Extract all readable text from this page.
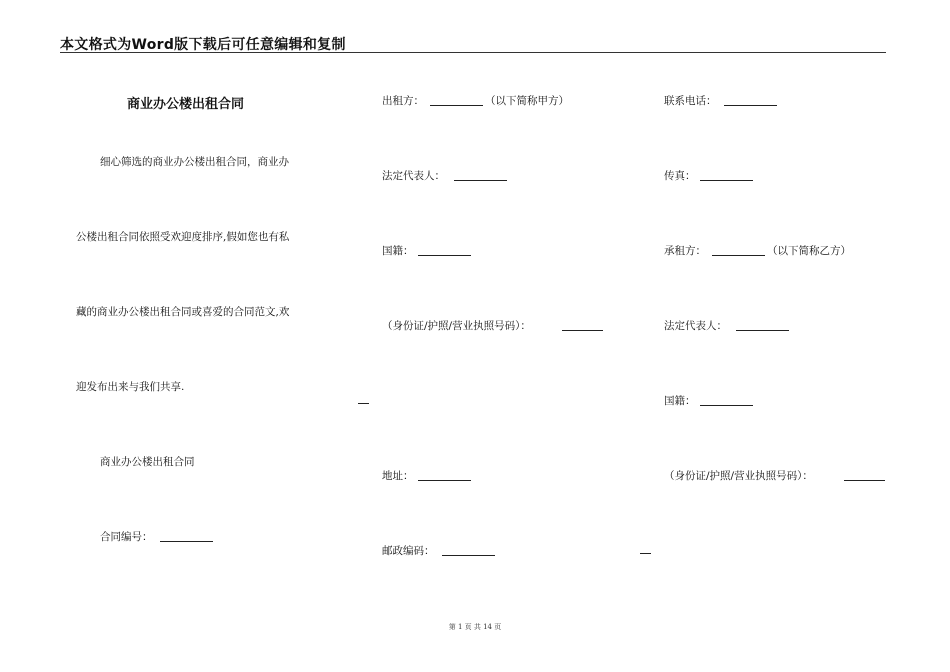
本文格式为Word版下载后可任意编辑和复制
商业办公楼出租合同
细心筛选的商业办公楼出租合同，商业办
公楼出租合同依照受欢迎度排序,假如您也有私
藏的商业办公楼出租合同或喜爱的合同范文,欢
迎发布出来与我们共享.
商业办公楼出租合同
合同编号：
出租方：	（以下简称甲方）
法定代表人：
国籍：
（身份证/护照/营业执照号码）：
地址：
邮政编码：
联系电话：
传真：
承租方：	（以下简称乙方）
法定代表人：
国籍：
（身份证/护照/营业执照号码）：
第 1 页 共 14 页
